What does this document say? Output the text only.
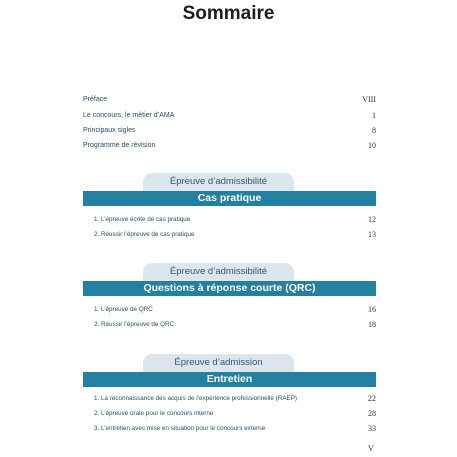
Sommaire
Préface	VIII
Le concours, le métier d’AMA	1
Principaux sigles	8
Programme de révision	10
Épreuve d’admissibilité
Cas pratique
1. L’épreuve écrite de cas pratique	12
2. Réussir l’épreuve de cas pratique	13
Épreuve d’admissibilité
Questions à réponse courte (QRC)
1. L’épreuve de QRC	16
2. Réussir l’épreuve de QRC	18
Épreuve d’admission
Entretien
1. La reconnaissance des acquis de l’expérience professionnelle (RAEP)	22
2. L’épreuve orale pour le concours interne	28
3. L’entretien avec mise en situation pour le concours externe	33
V
